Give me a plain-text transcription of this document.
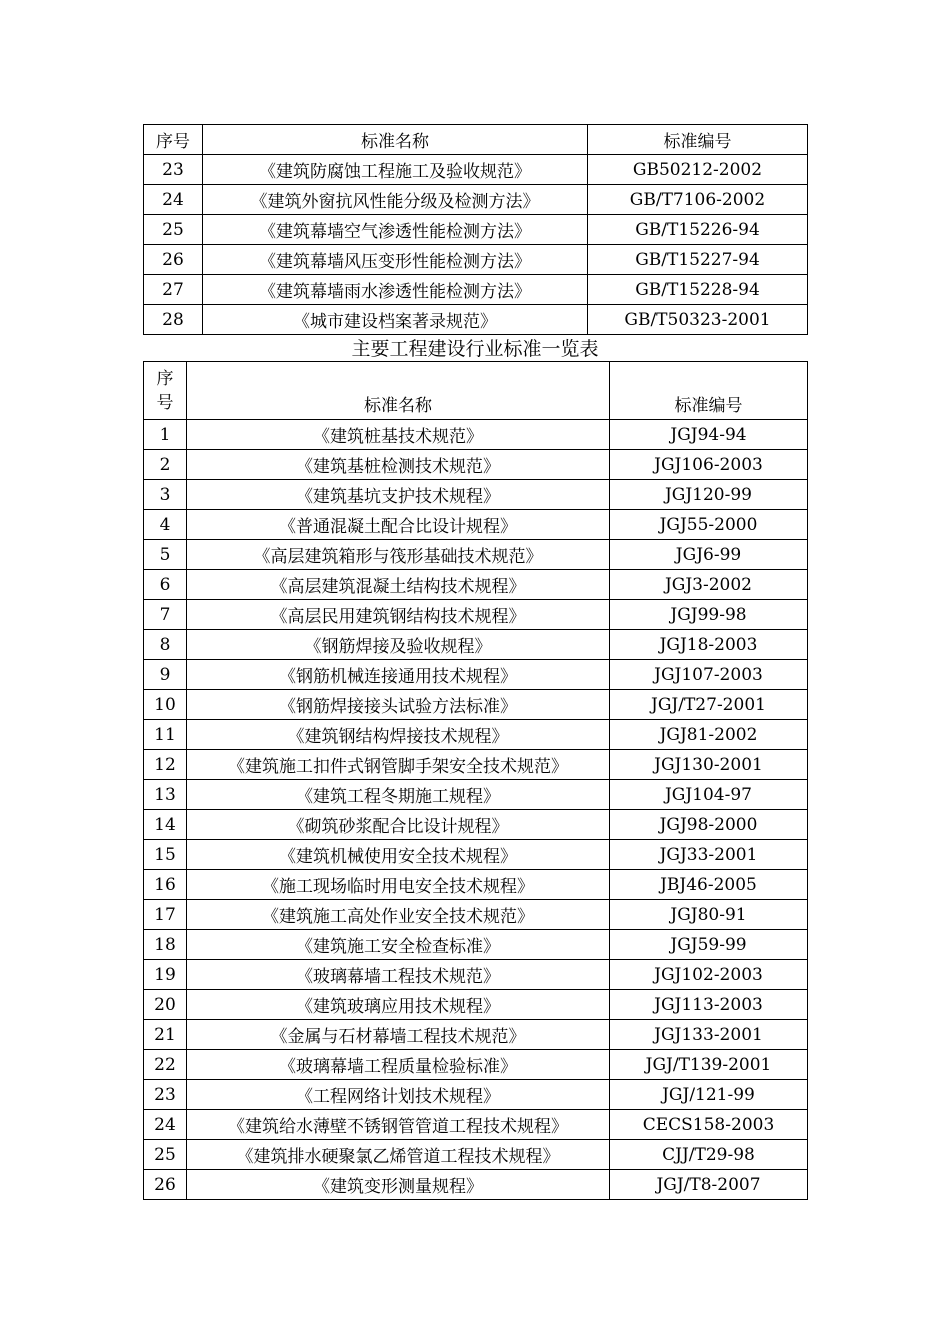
序号	标准名称	标准编号
23	《建筑防腐蚀工程施工及验收规范》	GB50212-2002
24	《建筑外窗抗风性能分级及检测方法》	GB/T7106-2002
25	《建筑幕墙空气渗透性能检测方法》	GB/T15226-94
26	《建筑幕墙风压变形性能检测方法》	GB/T15227-94
27	《建筑幕墙雨水渗透性能检测方法》	GB/T15228-94
28	《城市建设档案著录规范》	GB/T50323-2001
主要工程建设行业标准一览表
序号	标准名称	标准编号
1	《建筑桩基技术规范》	JGJ94-94
2	《建筑基桩检测技术规范》	JGJ106-2003
3	《建筑基坑支护技术规程》	JGJ120-99
4	《普通混凝土配合比设计规程》	JGJ55-2000
5	《高层建筑箱形与筏形基础技术规范》	JGJ6-99
6	《高层建筑混凝土结构技术规程》	JGJ3-2002
7	《高层民用建筑钢结构技术规程》	JGJ99-98
8	《钢筋焊接及验收规程》	JGJ18-2003
9	《钢筋机械连接通用技术规程》	JGJ107-2003
10	《钢筋焊接接头试验方法标准》	JGJ/T27-2001
11	《建筑钢结构焊接技术规程》	JGJ81-2002
12	《建筑施工扣件式钢管脚手架安全技术规范》	JGJ130-2001
13	《建筑工程冬期施工规程》	JGJ104-97
14	《砌筑砂浆配合比设计规程》	JGJ98-2000
15	《建筑机械使用安全技术规程》	JGJ33-2001
16	《施工现场临时用电安全技术规程》	JBJ46-2005
17	《建筑施工高处作业安全技术规范》	JGJ80-91
18	《建筑施工安全检查标准》	JGJ59-99
19	《玻璃幕墙工程技术规范》	JGJ102-2003
20	《建筑玻璃应用技术规程》	JGJ113-2003
21	《金属与石材幕墙工程技术规范》	JGJ133-2001
22	《玻璃幕墙工程质量检验标准》	JGJ/T139-2001
23	《工程网络计划技术规程》	JGJ/121-99
24	《建筑给水薄壁不锈钢管管道工程技术规程》	CECS158-2003
25	《建筑排水硬聚氯乙烯管道工程技术规程》	CJJ/T29-98
26	《建筑变形测量规程》	JGJ/T8-2007
